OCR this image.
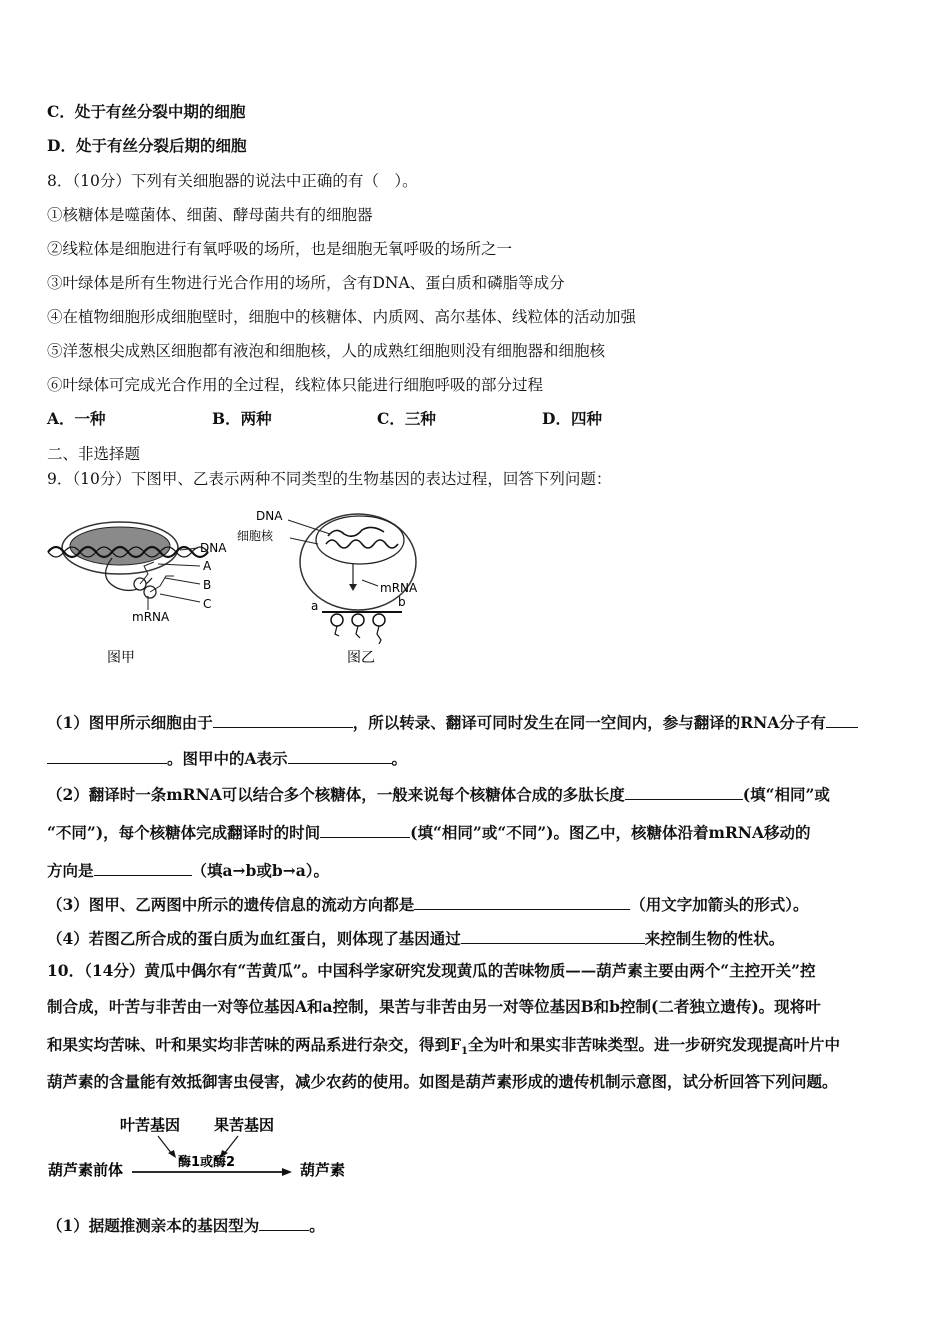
C．处于有丝分裂中期的细胞
D．处于有丝分裂后期的细胞
8．（10分）下列有关细胞器的说法中正确的有（　）。
①核糖体是噬菌体、细菌、酵母菌共有的细胞器
②线粒体是细胞进行有氧呼吸的场所，也是细胞无氧呼吸的场所之一
③叶绿体是所有生物进行光合作用的场所，含有DNA、蛋白质和磷脂等成分
④在植物细胞形成细胞壁时，细胞中的核糖体、内质网、高尔基体、线粒体的活动加强
⑤洋葱根尖成熟区细胞都有液泡和细胞核，人的成熟红细胞则没有细胞器和细胞核
⑥叶绿体可完成光合作用的全过程，线粒体只能进行细胞呼吸的部分过程
A．一种	B．两种	C．三种	D．四种
二、非选择题
9．（10分）下图甲、乙表示两种不同类型的生物基因的表达过程，回答下列问题：
DNA
A
B
C
mRNA
图甲
DNA
细胞核
mRNA
a	b
图乙
（1）图甲所示细胞由于	，所以转录、翻译可同时发生在同一空间内，参与翻译的RNA分子有
。图甲中的A表示	。
（2）翻译时一条mRNA可以结合多个核糖体，一般来说每个核糖体合成的多肽长度	(填“相同”或
“不同”)，每个核糖体完成翻译时的时间	(填“相同”或“不同”)。图乙中，核糖体沿着mRNA移动的
方向是	（填a→b或b→a）。
（3）图甲、乙两图中所示的遗传信息的流动方向都是	（用文字加箭头的形式）。
（4）若图乙所合成的蛋白质为血红蛋白，则体现了基因通过	来控制生物的性状。
10．（14分）黄瓜中偶尔有“苦黄瓜”。中国科学家研究发现黄瓜的苦味物质——葫芦素主要由两个“主控开关”控
制合成，叶苦与非苦由一对等位基因A和a控制，果苦与非苦由另一对等位基因B和b控制(二者独立遗传)。现将叶
和果实均苦味、叶和果实均非苦味的两品系进行杂交，得到$F_1$全为叶和果实非苦味类型。进一步研究发现提高叶片中
葫芦素的含量能有效抵御害虫侵害，减少农药的使用。如图是葫芦素形成的遗传机制示意图，试分析回答下列问题。
叶苦基因 果苦基因
酶1或酶2
葫芦素前体	葫芦素
（1）据题推测亲本的基因型为	。
